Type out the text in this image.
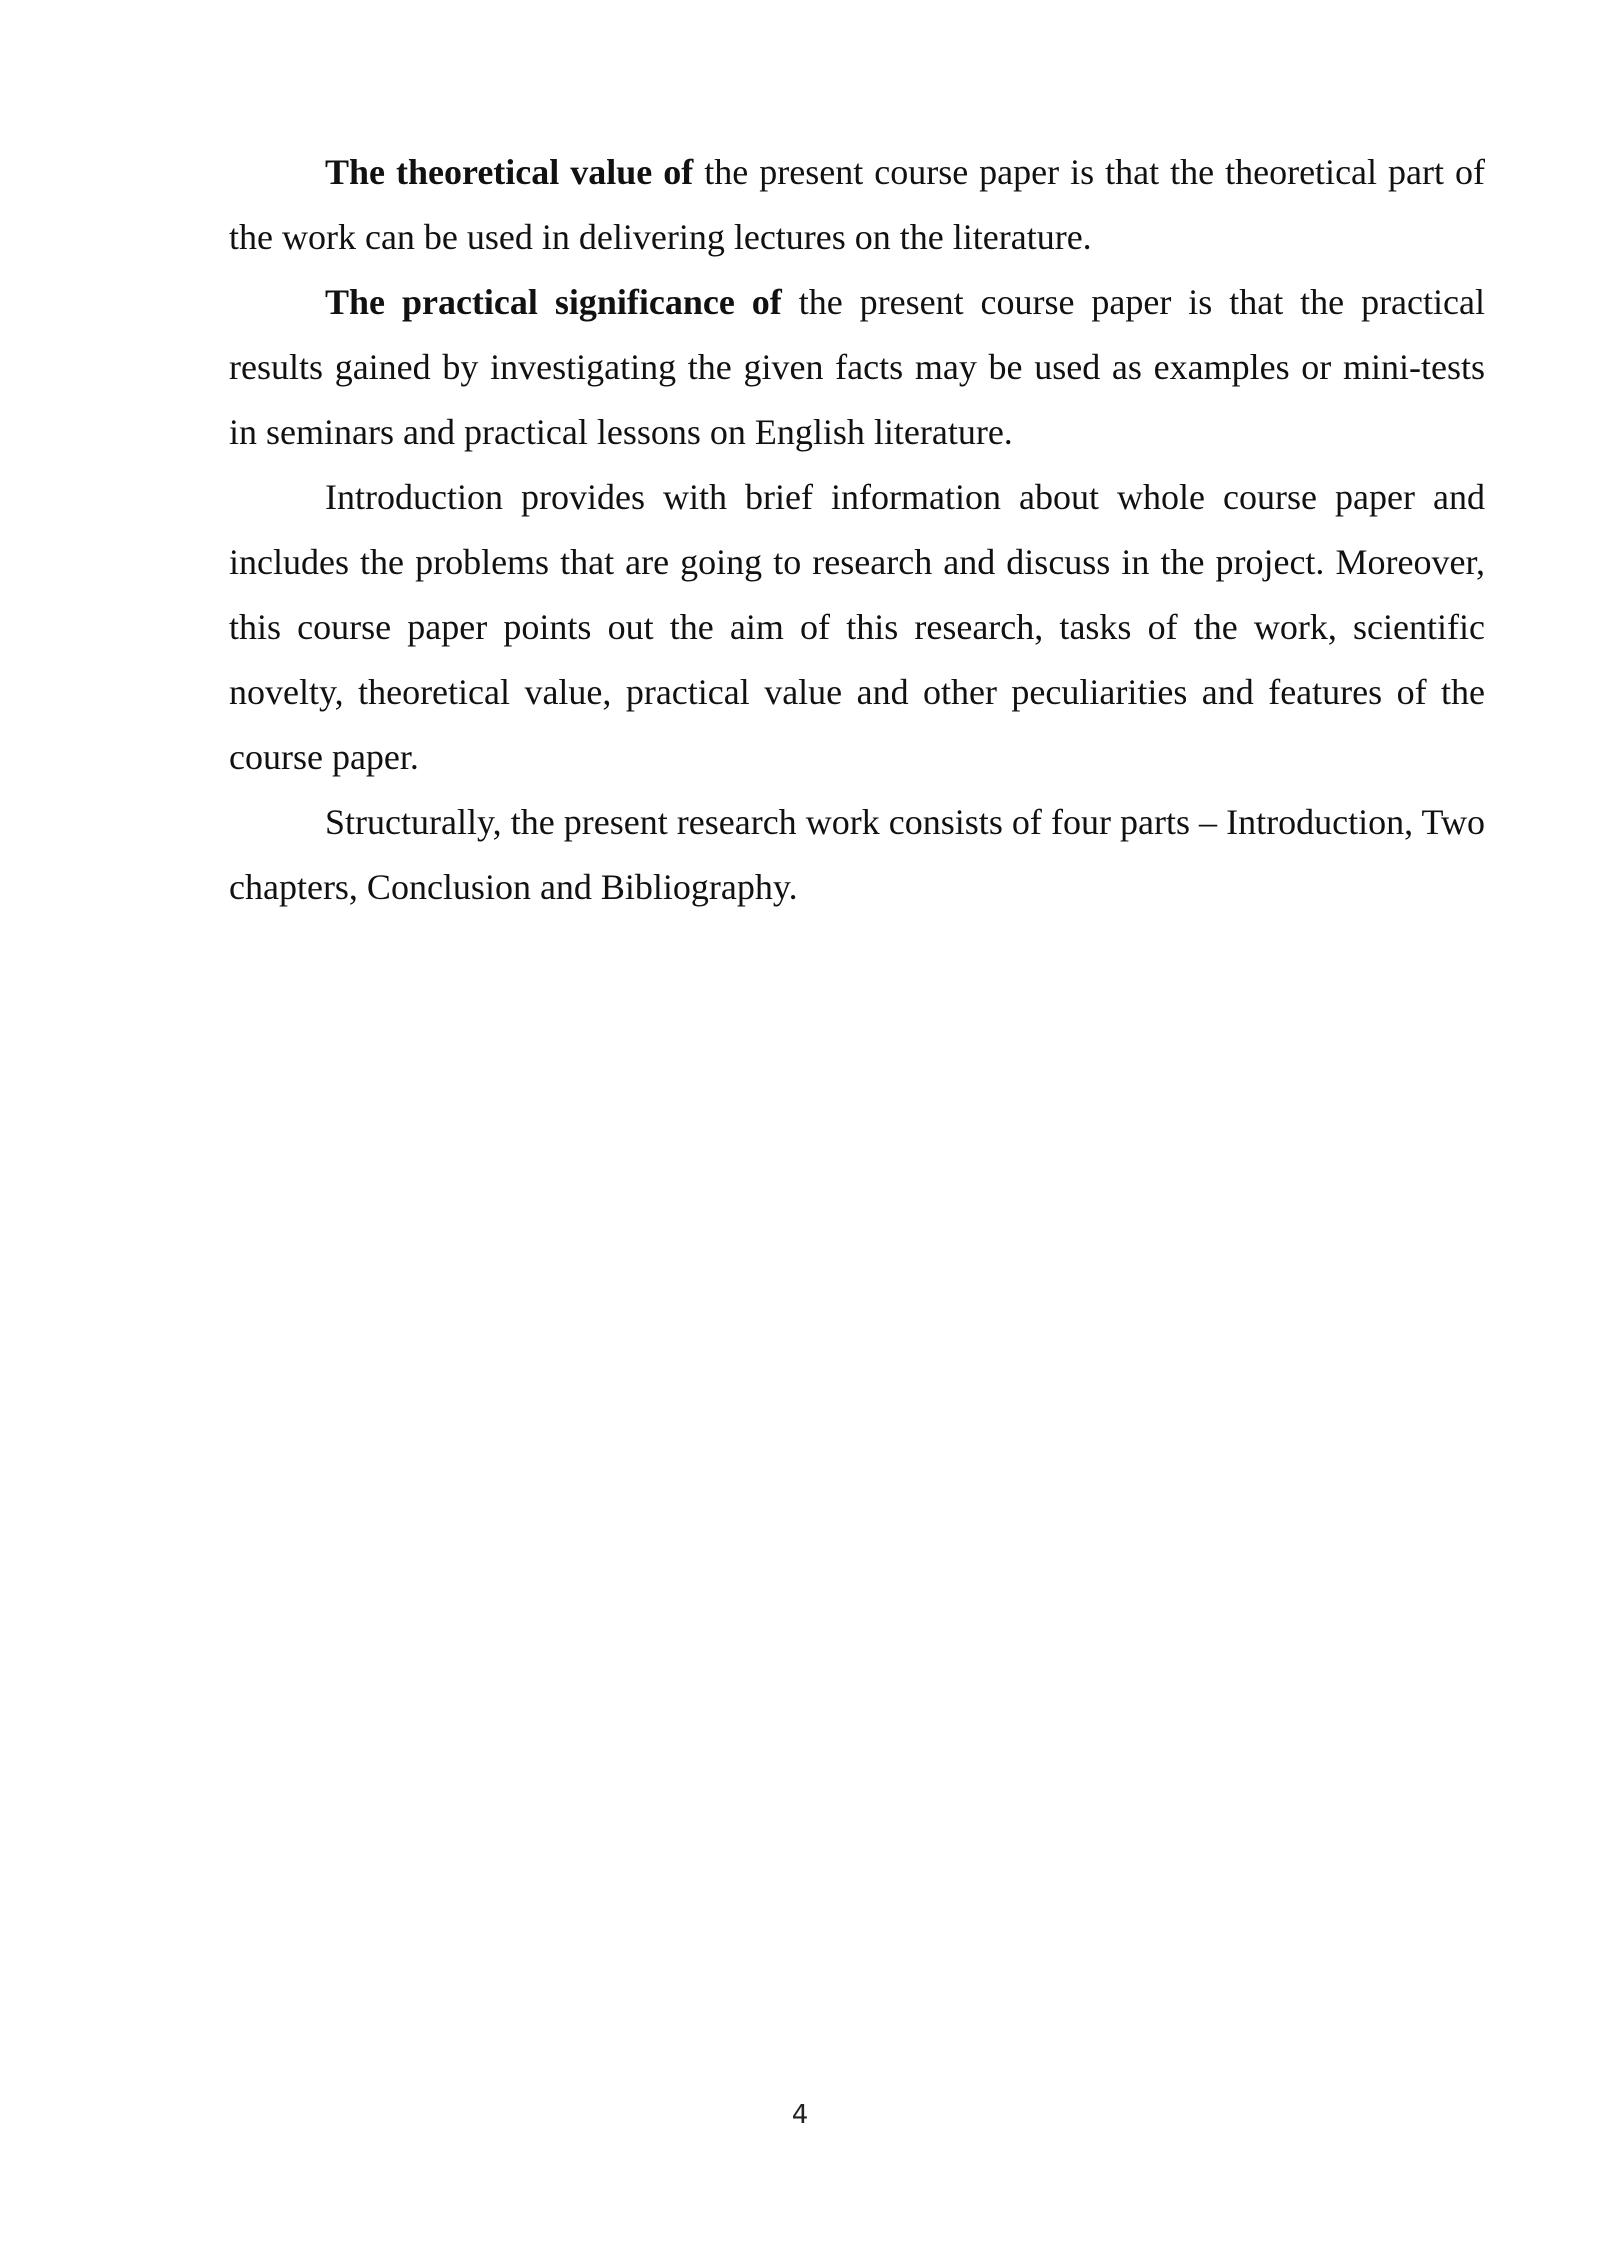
The theoretical value of the present course paper is that the theoretical part of the work can be used in delivering lectures on the literature.

The practical significance of the present course paper is that the practical results gained by investigating the given facts may be used as examples or mini-tests in seminars and practical lessons on English literature.

Introduction provides with brief information about whole course paper and includes the problems that are going to research and discuss in the project. Moreover, this course paper points out the aim of this research, tasks of the work, scientific novelty, theoretical value, practical value and other peculiarities and features of the course paper.

Structurally, the present research work consists of four parts – Introduction, Two chapters, Conclusion and Bibliography.

4
